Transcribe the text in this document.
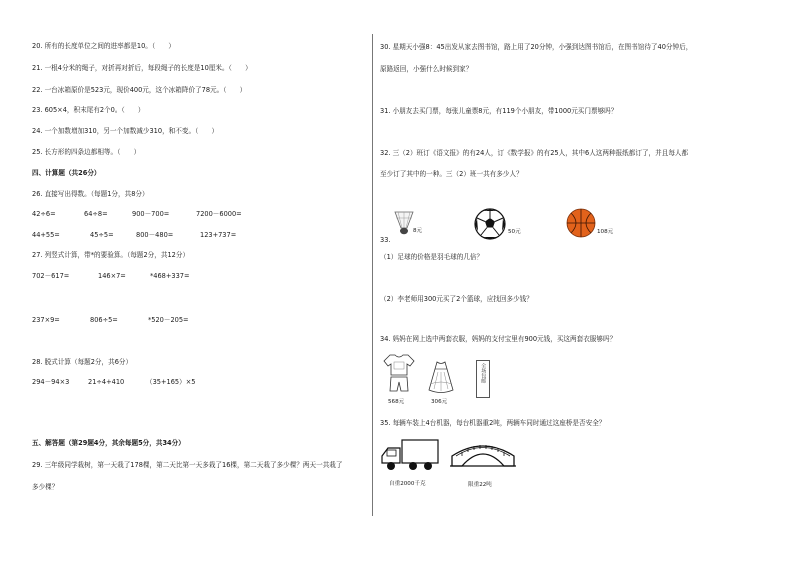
20. 所有的长度单位之间的进率都是10。（　　）
21. 一根4分米的绳子，对折再对折后，每段绳子的长度是10厘米。（　　）
22. 一台冰箱原价是523元，现价400元，这个冰箱降价了78元。（　　）
23. 605×4，积末尾有2个0。（　　）
24. 一个加数增加310，另一个加数减少310，和不变。（　　）
25. 长方形的四条边都相等。（　　）
四、计算题（共26分）
26. 直接写出得数。（每题1分，共8分）
42÷6=	64÷8=	900－700=	7200－6000=
44+55=	45÷5=	800－480=	123+737=
27. 列竖式计算，带*的要验算。（每题2分，共12分）
702－617=	146×7=	*468+337=
237×9=	806÷5=	*520－205=
28. 脱式计算（每题2分，共6分）
294－94×3	21÷4+410	（35+165）×5
五、解答题（第29题4分，其余每题5分，共34分）
29. 三年级同学栽树，第一天栽了178棵，第二天比第一天多栽了16棵，第二天栽了多少棵？两天一共栽了
多少棵？
30. 星期天小强8：45出发从家去图书馆，路上用了20分钟，小强到达图书馆后，在图书馆待了40分钟后，
原路返回，小强什么时候到家？
31. 小朋友去买门票，每张儿童票8元，有119个小朋友，带1000元买门票够吗？
32. 三（2）班订《语文报》的有24人，订《数学报》的有25人，其中6人这两种报纸都订了，并且每人都
至少订了其中的一种。三（2）班一共有多少人？
33.
8元	50元	108元
（1）足球的价格是羽毛球的几倍？
（2）李老师用300元买了2个篮球，应找回多少钱？
34. 妈妈在网上选中两套衣服，妈妈的支付宝里有900元钱，买这两套衣服够吗？
568元	306元
全场包邮
35. 每辆车装上4台机器，每台机器重2吨，两辆车同时通过这座桥是否安全？
自重2000千克	限重22吨
